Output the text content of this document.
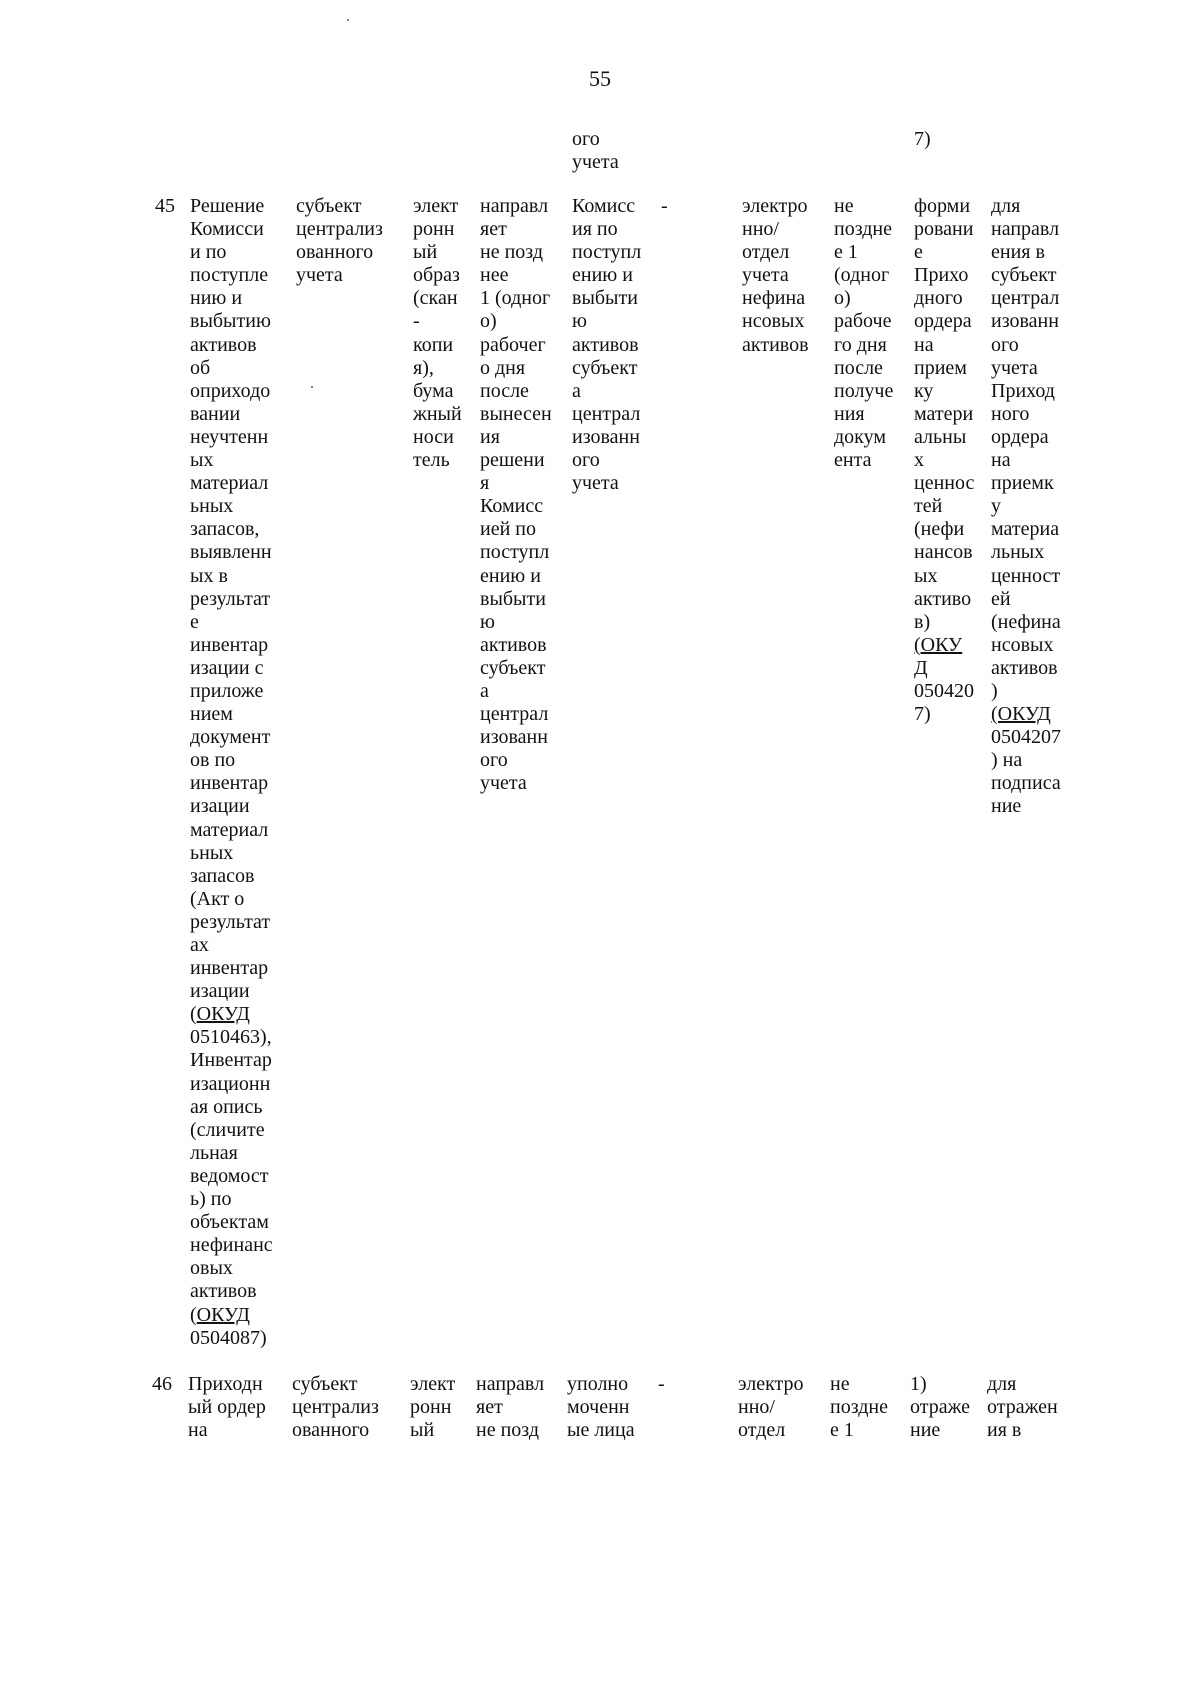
55
ого
учета
7)
45 Решение
Комисси
и по
поступле
нию и
выбытию
активов
об
oприходо
вании
неучтенн
ых
материал
ьных
запасов,
выявленн
ых в
результат
е
инвентар
изации с
приложе
нием
документ
ов по
инвентар
изации
материал
ьных
запасов
(Акт о
результат
ах
инвентар
изации
(ОКУД
0510463),
Инвентар
изационн
ая опись
(сличите
льная
ведомост
ь) по
объектам
нефинанс
овых
активов
(ОКУД
0504087)
субъект
централиз
ованного
учета
элект
ронн
ый
образ
(скан
-
копи
я),
бума
жный
носи
тель
направл
яет
не позд
нее
1 (одног
о)
рабочег
о дня
после
вынесен
ия
решени
я
Комисс
ией по
поступл
ению и
выбыти
ю
активов
субъект
а
централ
изованн
ого
учета
Комисс
ия по
поступл
ению и
выбыти
ю
активов
субъект
а
централ
изованн
ого
учета
-	электро
нно/
отдел
учета
нефина
нсовых
активов
не
поздне
е 1
(одног
о)
рабоче
го дня
после
получе
ния
докум
ента
форми
ровани
е
Прихо
дного
ордера
на
прием
ку
матери
альны
х
ценнос
тей
(нефи
нансов
ых
активо
в)
(ОКУ
Д
050420
7)
для
направл
ения в
субъект
централ
изованн
ого
учета
Приход
ного
ордера
на
приемк
у
материа
льных
ценност
ей
(нефина
нсовых
активов
)
(ОКУД
0504207
) на
подписа
ние
46 Приходн
ый ордер
на
субъект
централиз
ованного
элект
ронн
ый
направл
яет
не позд
уполно
моченн
ые лица
-	электро
нно/
отдел
не
поздне
е 1
1)
отраже
ние
для
отражен
ия в
